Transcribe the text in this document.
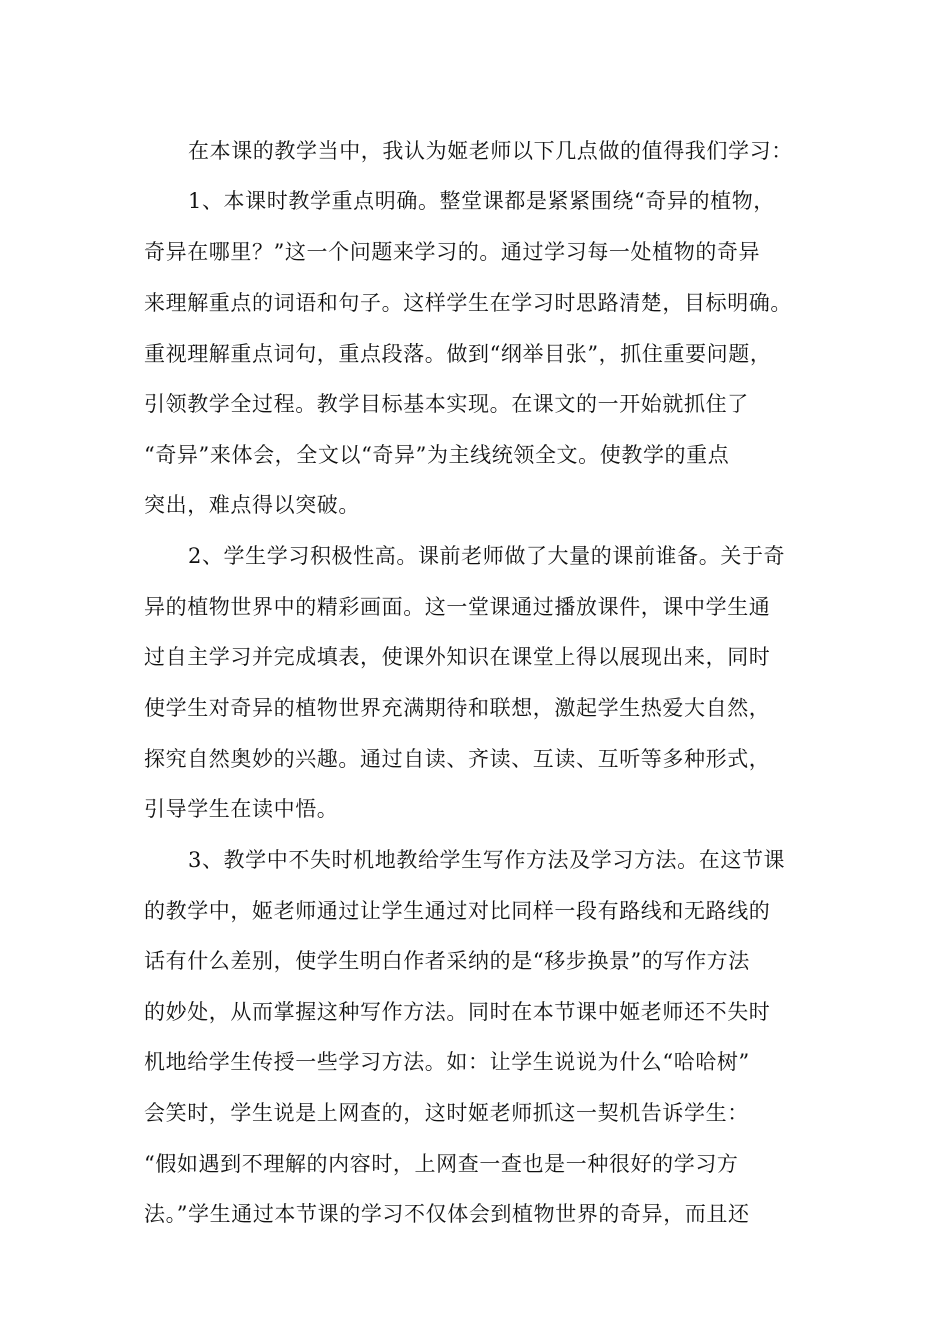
在本课的教学当中，我认为姬老师以下几点做的值得我们学习：
1、本课时教学重点明确。整堂课都是紧紧围绕“奇异的植物，
奇异在哪里？”这一个问题来学习的。通过学习每一处植物的奇异
来理解重点的词语和句子。这样学生在学习时思路清楚，目标明确。
重视理解重点词句，重点段落。做到“纲举目张”，抓住重要问题，
引领教学全过程。教学目标基本实现。在课文的一开始就抓住了
“奇异”来体会，全文以“奇异”为主线统领全文。使教学的重点
突出，难点得以突破。
2、学生学习积极性高。课前老师做了大量的课前谁备。关于奇
异的植物世界中的精彩画面。这一堂课通过播放课件，课中学生通
过自主学习并完成填表，使课外知识在课堂上得以展现出来，同时
使学生对奇异的植物世界充满期待和联想，激起学生热爱大自然，
探究自然奥妙的兴趣。通过自读、齐读、互读、互听等多种形式，
引导学生在读中悟。
3、教学中不失时机地教给学生写作方法及学习方法。在这节课
的教学中，姬老师通过让学生通过对比同样一段有路线和无路线的
话有什么差别，使学生明白作者采纳的是“移步换景”的写作方法
的妙处，从而掌握这种写作方法。同时在本节课中姬老师还不失时
机地给学生传授一些学习方法。如：让学生说说为什么“哈哈树”
会笑时，学生说是上网查的，这时姬老师抓这一契机告诉学生：
“假如遇到不理解的内容时，上网查一查也是一种很好的学习方
法。”学生通过本节课的学习不仅体会到植物世界的奇异，而且还
